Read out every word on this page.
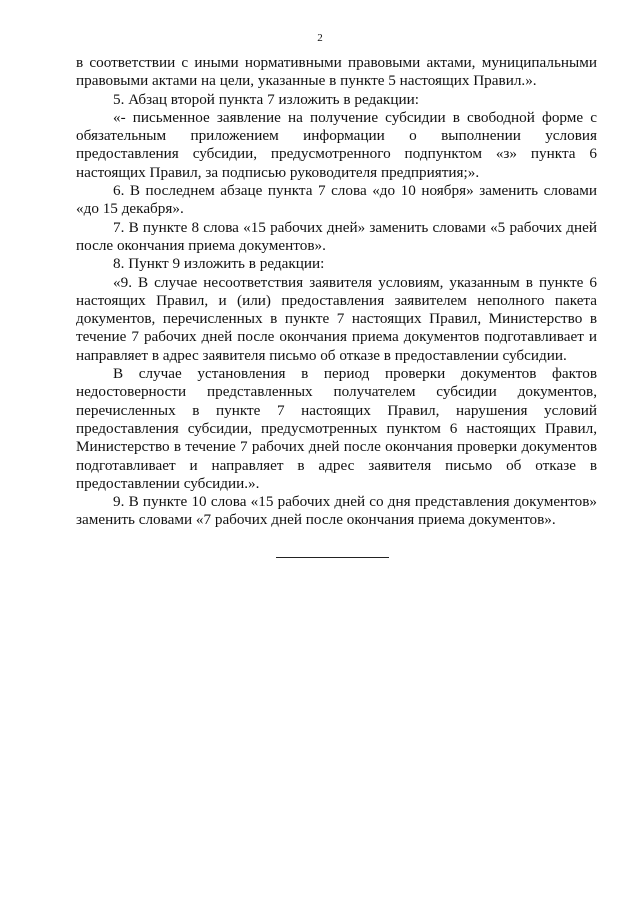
2

в соответствии с иными нормативными правовыми актами, муниципальными правовыми актами на цели, указанные в пункте 5 настоящих Правил.».

5. Абзац второй пункта 7 изложить в редакции:

«- письменное заявление на получение субсидии в свободной форме с обязательным приложением информации о выполнении условия предоставления субсидии, предусмотренного подпунктом «з» пункта 6 настоящих Правил, за подписью руководителя предприятия;».

6. В последнем абзаце пункта 7 слова «до 10 ноября» заменить словами «до 15 декабря».

7. В пункте 8 слова «15 рабочих дней» заменить словами «5 рабочих дней после окончания приема документов».

8. Пункт 9 изложить в редакции:

«9. В случае несоответствия заявителя условиям, указанным в пункте 6 настоящих Правил, и (или) предоставления заявителем неполного пакета документов, перечисленных в пункте 7 настоящих Правил, Министерство в течение 7 рабочих дней после окончания приема документов подготавливает и направляет в адрес заявителя письмо об отказе в предоставлении субсидии.

В случае установления в период проверки документов фактов недостоверности представленных получателем субсидии документов, перечисленных в пункте 7 настоящих Правил, нарушения условий предоставления субсидии, предусмотренных пунктом 6 настоящих Правил, Министерство в течение 7 рабочих дней после окончания проверки документов подготавливает и направляет в адрес заявителя письмо об отказе в предоставлении субсидии.».

9. В пункте 10 слова «15 рабочих дней со дня представления документов» заменить словами «7 рабочих дней после окончания приема документов».
